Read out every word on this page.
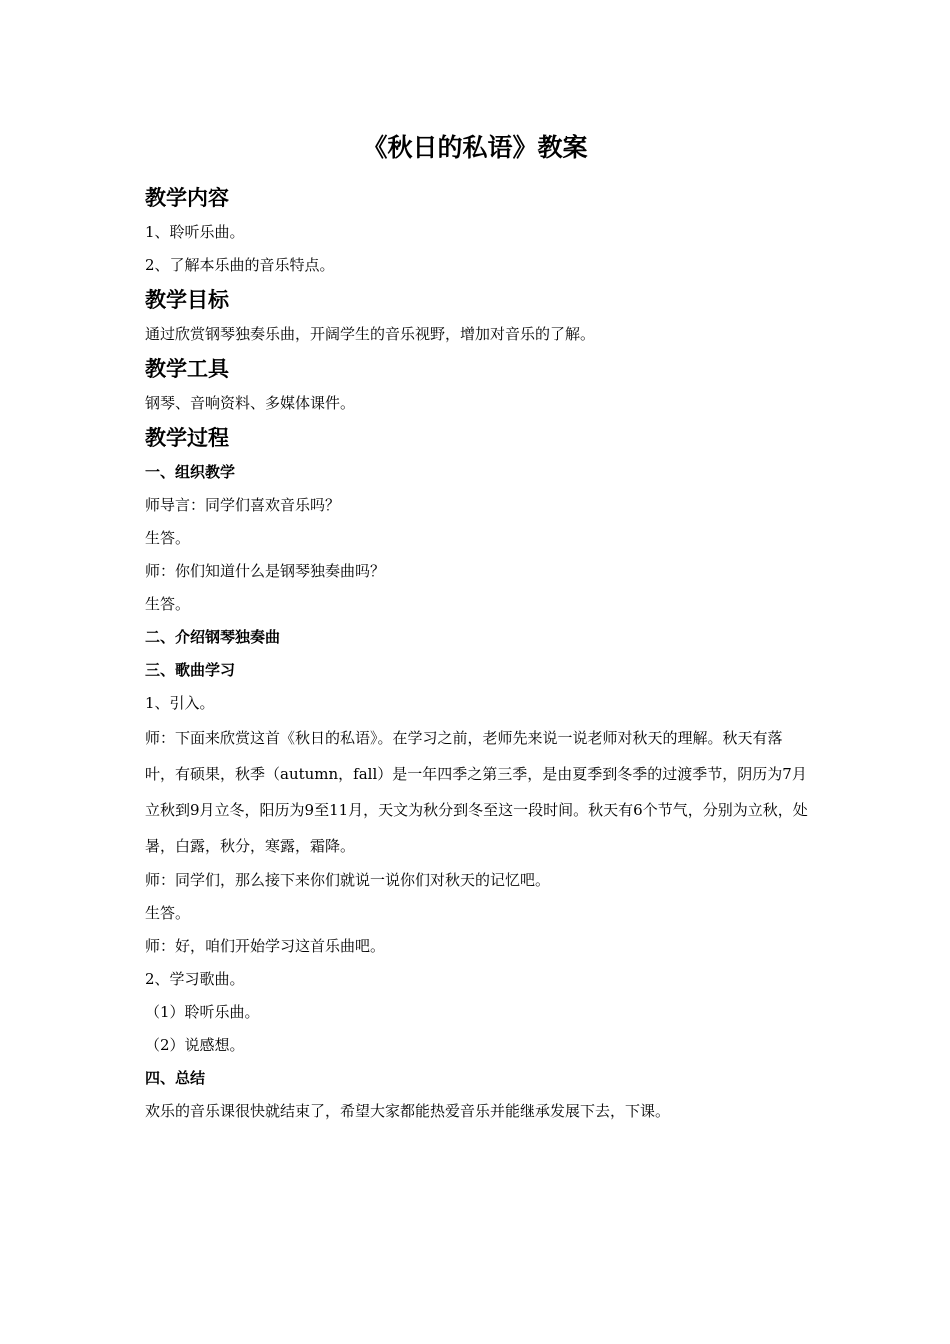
《秋日的私语》教案
教学内容

1、聆听乐曲。

2、了解本乐曲的音乐特点。

教学目标

通过欣赏钢琴独奏乐曲，开阔学生的音乐视野，增加对音乐的了解。

教学工具

钢琴、音响资料、多媒体课件。

教学过程
一、组织教学

师导言：同学们喜欢音乐吗？

生答。

师：你们知道什么是钢琴独奏曲吗？

生答。

二、介绍钢琴独奏曲
三、歌曲学习

1、引入。

师：下面来欣赏这首《秋日的私语》。在学习之前，老师先来说一说老师对秋天的理解。秋天有落叶，有硕果，秋季（autumn，fall）是一年四季之第三季，是由夏季到冬季的过渡季节，阴历为7月立秋到9月立冬，阳历为9至11月，天文为秋分到冬至这一段时间。秋天有6个节气，分别为立秋，处暑，白露，秋分，寒露，霜降。

师：同学们，那么接下来你们就说一说你们对秋天的记忆吧。

生答。

师：好，咱们开始学习这首乐曲吧。

2、学习歌曲。

（1）聆听乐曲。

（2）说感想。

四、总结

欢乐的音乐课很快就结束了，希望大家都能热爱音乐并能继承发展下去，下课。
